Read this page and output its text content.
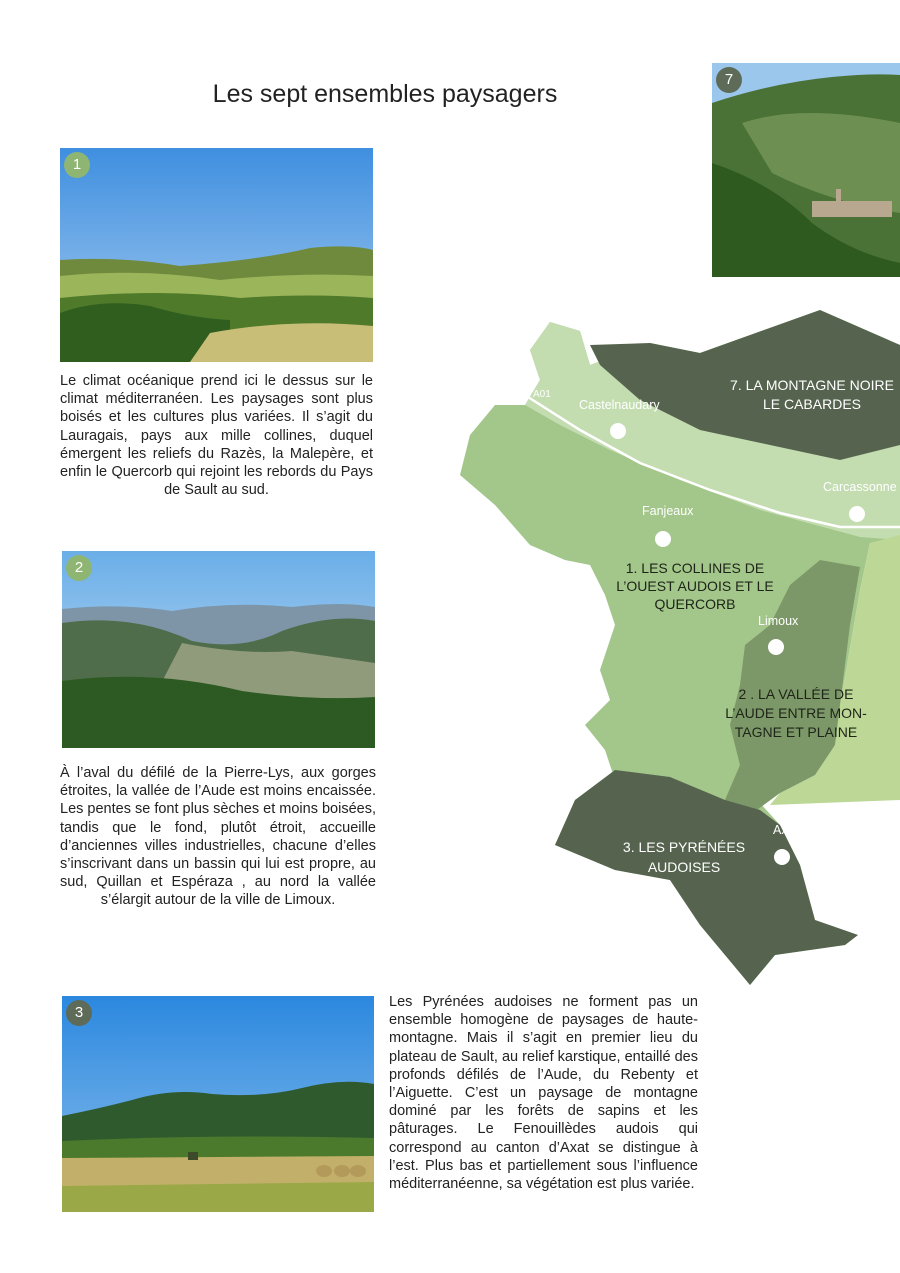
Les sept ensembles paysagers
1

Le climat océanique prend ici le dessus sur le climat méditerranéen. Les paysages sont plus boisés et les cultures plus variées. Il s’agit du Lauragais, pays aux mille collines, duquel émergent les reliefs du Razès, la Malepère, et enfin le Quercorb qui rejoint les rebords du Pays de Sault au sud.

2

À l’aval du défilé de la Pierre-Lys, aux gorges étroites, la vallée de l’Aude est moins encaissée. Les pentes se font plus sèches et moins boisées, tandis que le fond, plutôt étroit, accueille d’anciennes villes industrielles, chacune d’elles s’inscrivant dans un bassin qui lui est propre, au sud, Quillan et Espéraza , au nord la vallée s’élargit autour de la ville de Limoux.

3

Les Pyrénées audoises ne forment pas un ensemble homogène de paysages de haute-montagne. Mais il s’agit en premier lieu du plateau de Sault, au relief karstique, entaillé des profonds défilés de l’Aude, du Rebenty et l’Aiguette. C’est un paysage de montagne dominé par les forêts de sapins et les pâturages. Le Fenouillèdes audois qui correspond au canton d’Axat se distingue à l’est. Plus bas et partiellement sous l’influence méditerranéenne, sa végétation est plus variée.

7
A01
Castelnaudary
Carcassonne
Fanjeaux
Limoux
Axat
7. LA MONTAGNE NOIRE
LE CABARDES
1. LES COLLINES DE
L’OUEST AUDOIS ET LE
QUERCORB
2 . LA VALLÉE DE
L’AUDE ENTRE MON-
TAGNE ET PLAINE
3. LES PYRÉNÉES
AUDOISES
